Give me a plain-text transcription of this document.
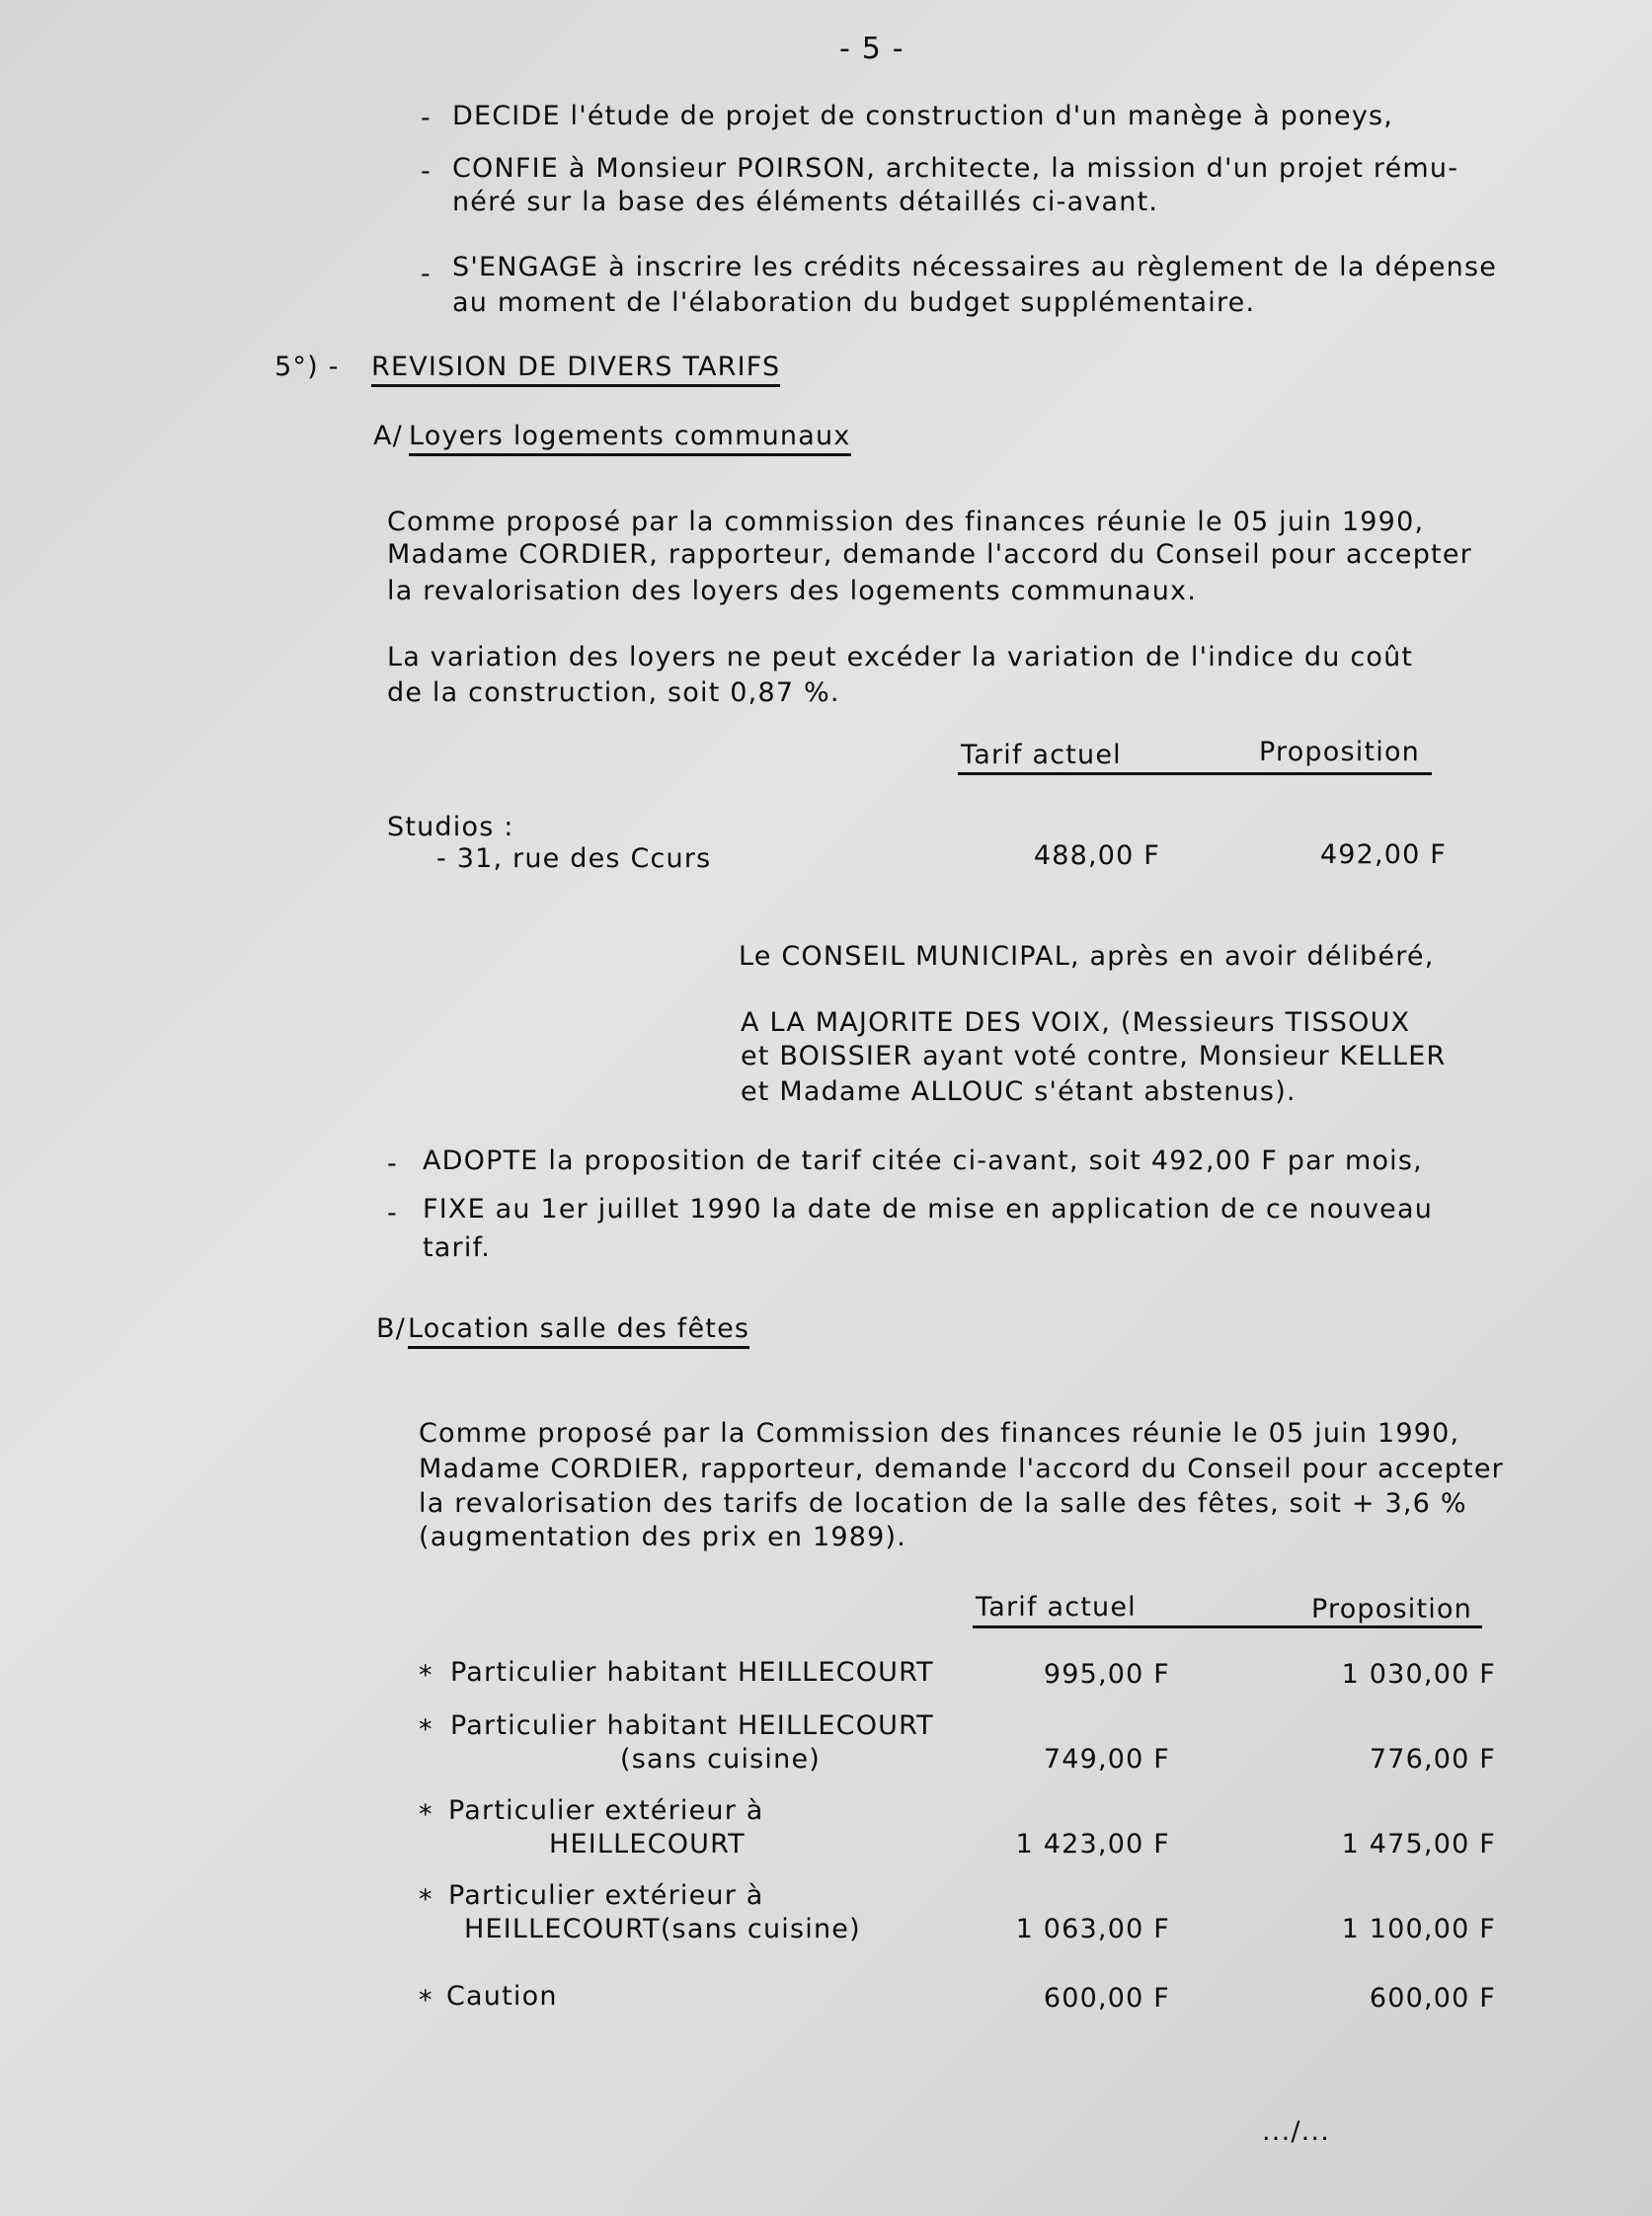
- 5 -
- DECIDE l'étude de projet de construction d'un manège à poneys,
- CONFIE à Monsieur POIRSON, architecte, la mission d'un projet rému-
néré sur la base des éléments détaillés ci-avant.
- S'ENGAGE à inscrire les crédits nécessaires au règlement de la dépense
au moment de l'élaboration du budget supplémentaire.
5°) - REVISION DE DIVERS TARIFS
A/ Loyers logements communaux
Comme proposé par la commission des finances réunie le 05 juin 1990,
Madame CORDIER, rapporteur, demande l'accord du Conseil pour accepter
la revalorisation des loyers des logements communaux.
La variation des loyers ne peut excéder la variation de l'indice du coût
de la construction, soit 0,87 %.
Tarif actuel	Proposition
Studios :
- 31, rue des Ccurs	488,00 F	492,00 F
Le CONSEIL MUNICIPAL, après en avoir délibéré,
A LA MAJORITE DES VOIX, (Messieurs TISSOUX
et BOISSIER ayant voté contre, Monsieur KELLER
et Madame ALLOUC s'étant abstenus).
- ADOPTE la proposition de tarif citée ci-avant, soit 492,00 F par mois,
- FIXE au 1er juillet 1990 la date de mise en application de ce nouveau
tarif.
B/ Location salle des fêtes
Comme proposé par la Commission des finances réunie le 05 juin 1990,
Madame CORDIER, rapporteur, demande l'accord du Conseil pour accepter
la revalorisation des tarifs de location de la salle des fêtes, soit + 3,6 %
(augmentation des prix en 1989).
Tarif actuel	Proposition
* Particulier habitant HEILLECOURT	995,00 F	1 030,00 F
* Particulier habitant HEILLECOURT
(sans cuisine)	749,00 F	776,00 F
* Particulier extérieur à
HEILLECOURT	1 423,00 F	1 475,00 F
* Particulier extérieur à
HEILLECOURT(sans cuisine)	1 063,00 F	1 100,00 F
* Caution	600,00 F	600,00 F
.../...
